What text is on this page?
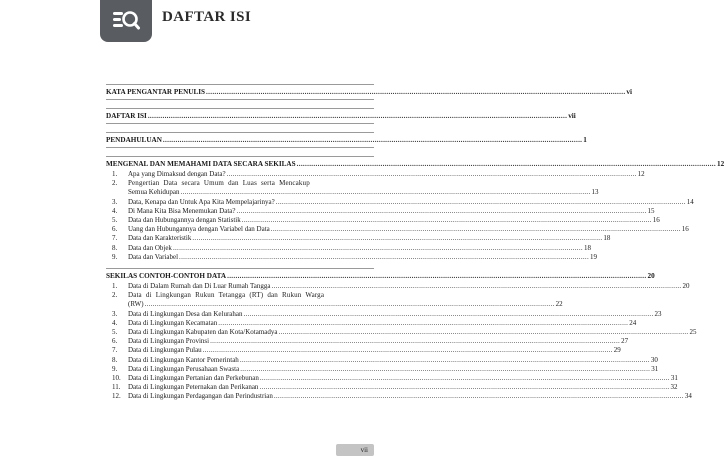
DAFTAR ISI
KATA PENGANTAR PENULIS .....	vi
DAFTAR ISI .....	vii
PENDAHULUAN .....	1
MENGENAL DAN MEMAHAMI DATA SECARA SEKILAS .....	12
1.	Apa yang Dimaksud dengan Data? .....	12
2.	Pengertian Data secara Umum dan Luas serta Mencakup
Semua Kehidupan .....	13
3.	Data, Kenapa dan Untuk Apa Kita Mempelajarinya? .....	14
4.	Di Mana Kita Bisa Menemukan Data? .....	15
5.	Data dan Hubungannya dengan Statistik .....	16
6.	Uang dan Hubungannya dengan Variabel dan Data .....	16
7.	Data dan Karakteristik .....	18
8.	Data dan Objek .....	18
9.	Data dan Variabel .....	19
SEKILAS CONTOH-CONTOH DATA .....	20
1.	Data di Dalam Rumah dan Di Luar Rumah Tangga .....	20
2.	Data di Lingkungan Rukun Tetangga (RT) dan Rukun Warga
(RW) .....	22
3.	Data di Lingkungan Desa dan Kelurahan .....	23
4.	Data di Lingkungan Kecamatan .....	24
5.	Data di Lingkungan Kabupaten dan Kota/Kotamadya .....	25
6.	Data di Lingkungan Provinsi .....	27
7.	Data di Lingkungan Pulau .....	29
8.	Data di Lingkungan Kantor Pemerintah .....	30
9.	Data di Lingkungan Perusahaan Swasta .....	31
10.	Data di Lingkungan Pertanian dan Perkebunan .....	31
11.	Data di Lingkungan Peternakan dan Perikanan .....	32
12.	Data di Lingkungan Perdagangan dan Perindustrian .....	34
vii
